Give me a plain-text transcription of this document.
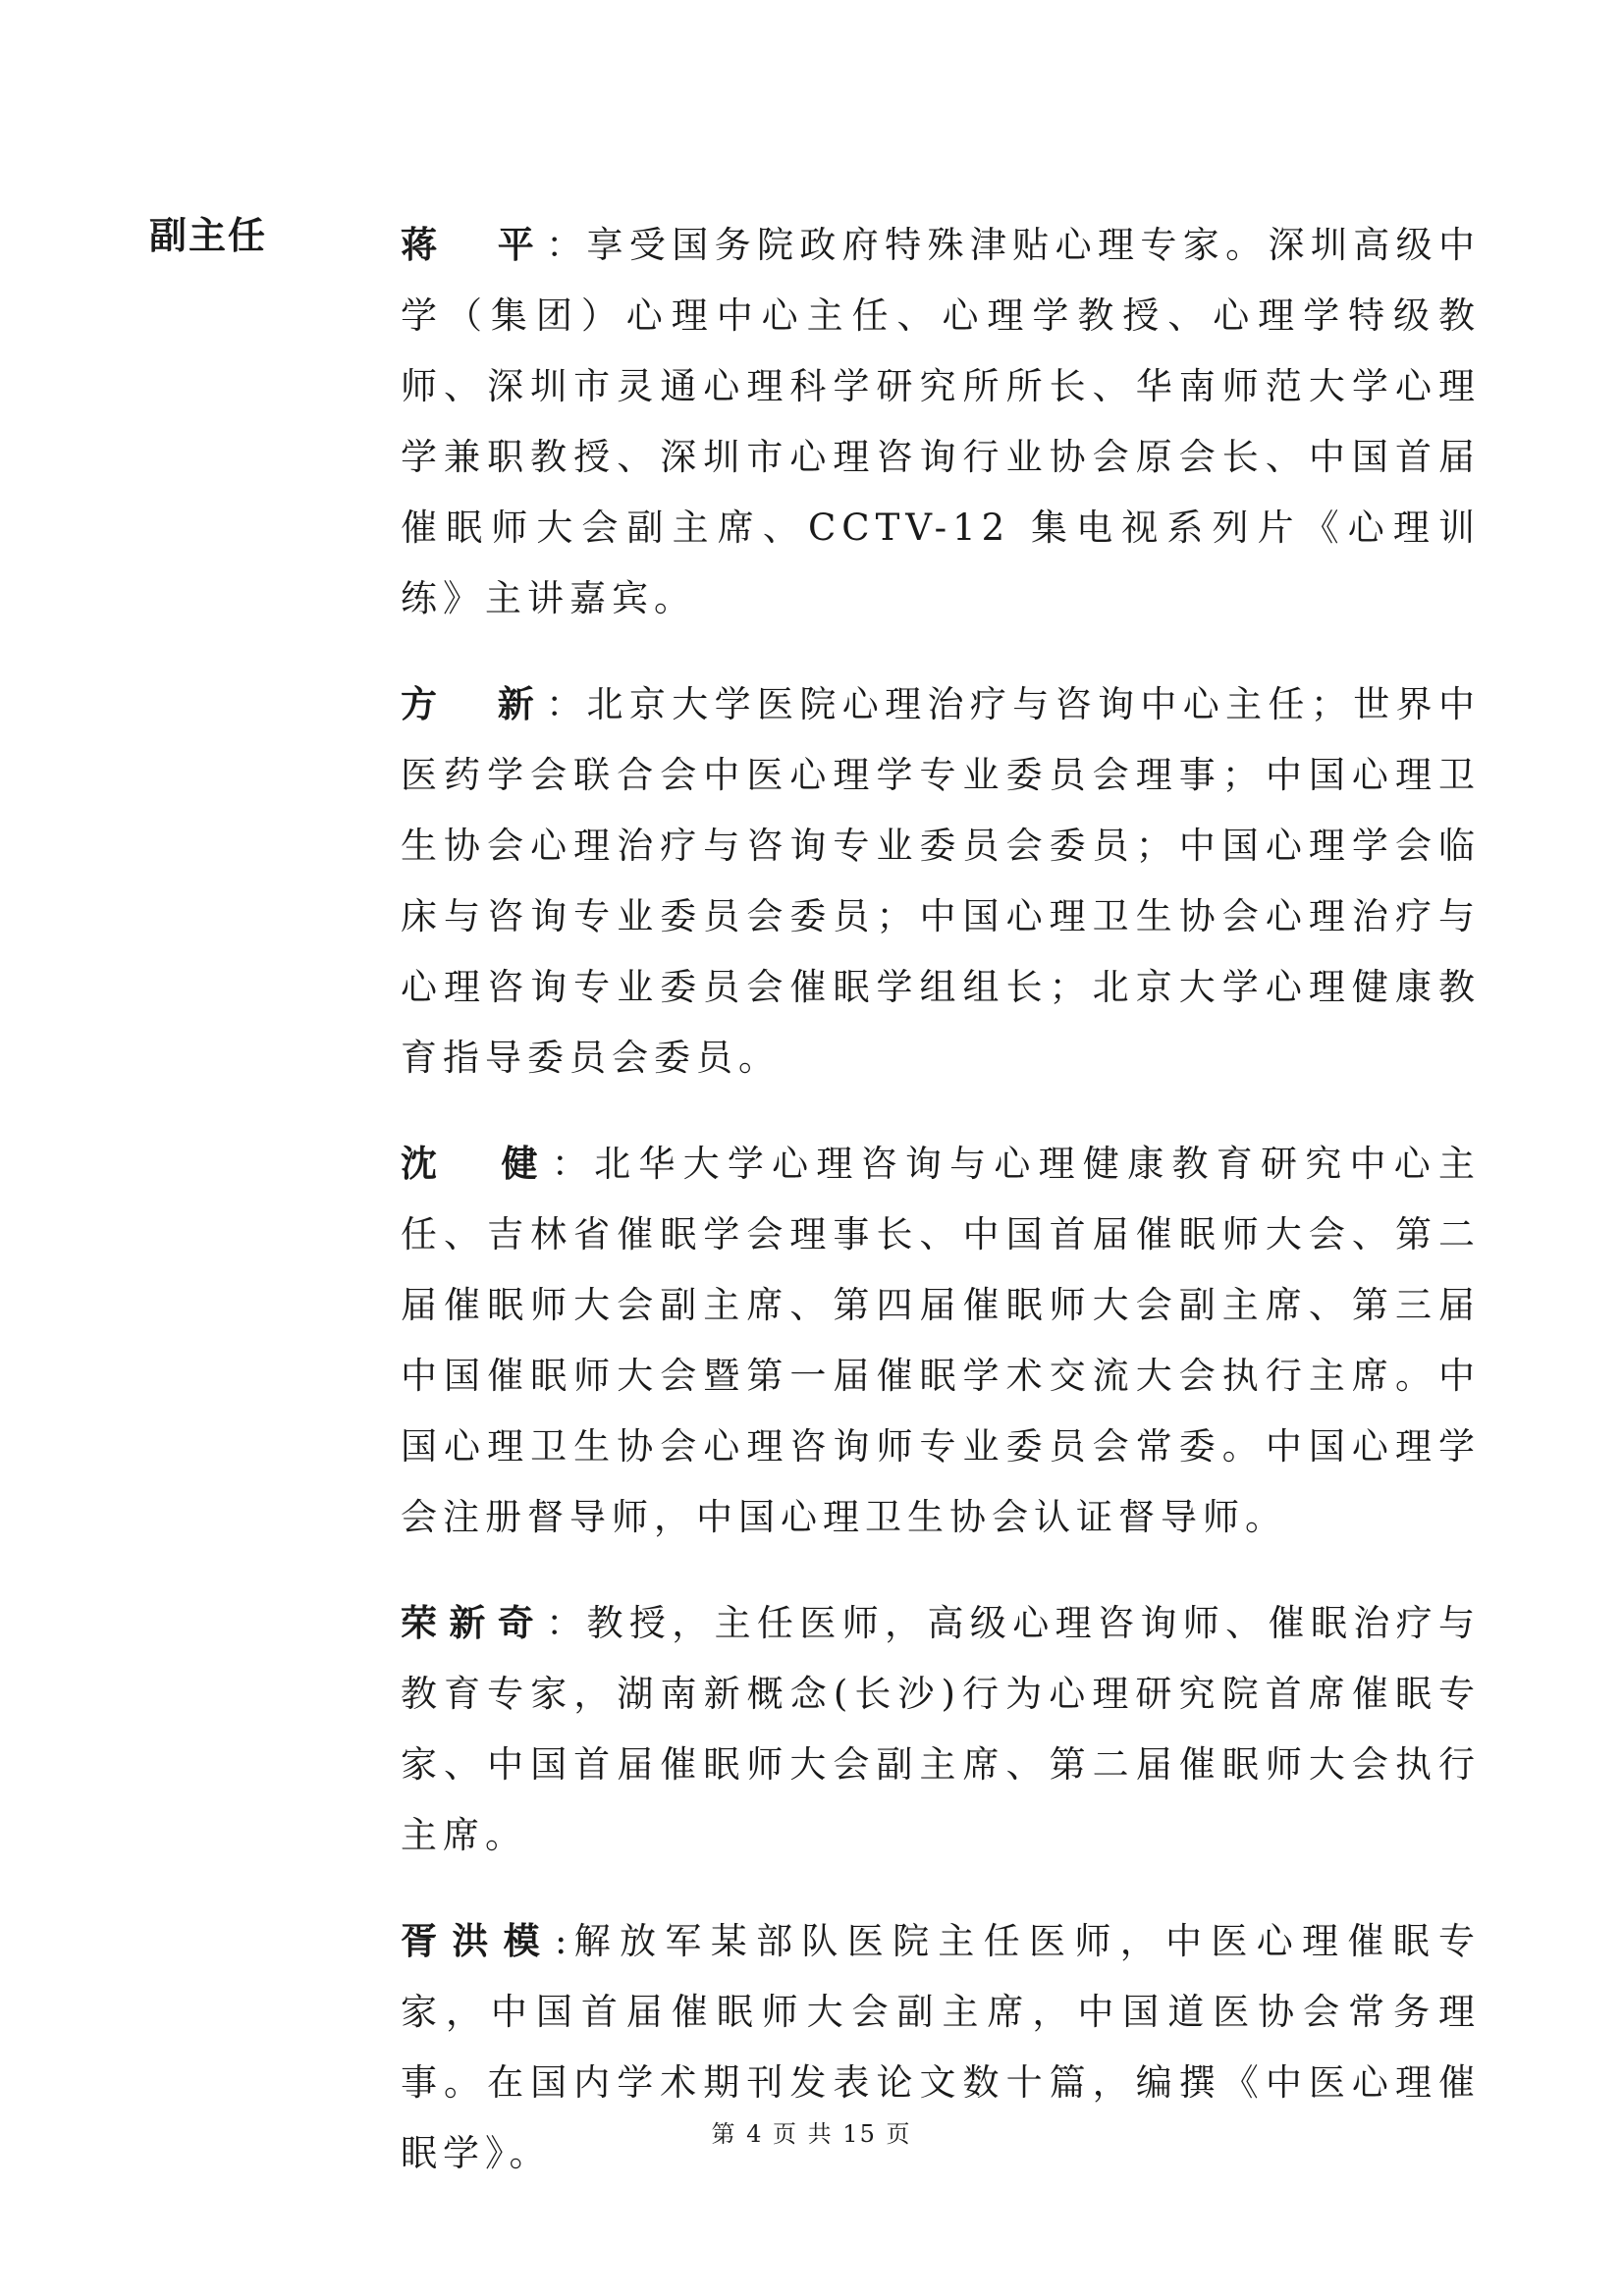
副主任	蒋　平：享受国务院政府特殊津贴心理专家。深圳高级中学（集团）心理中心主任、心理学教授、心理学特级教师、深圳市灵通心理科学研究所所长、华南师范大学心理学兼职教授、深圳市心理咨询行业协会原会长、中国首届催眠师大会副主席、CCTV-12 集电视系列片《心理训练》主讲嘉宾。

方　新：北京大学医院心理治疗与咨询中心主任；世界中医药学会联合会中医心理学专业委员会理事；中国心理卫生协会心理治疗与咨询专业委员会委员；中国心理学会临床与咨询专业委员会委员；中国心理卫生协会心理治疗与心理咨询专业委员会催眠学组组长；北京大学心理健康教育指导委员会委员。

沈　健：北华大学心理咨询与心理健康教育研究中心主任、吉林省催眠学会理事长、中国首届催眠师大会、第二届催眠师大会副主席、第四届催眠师大会副主席、第三届中国催眠师大会暨第一届催眠学术交流大会执行主席。中国心理卫生协会心理咨询师专业委员会常委。中国心理学会注册督导师，中国心理卫生协会认证督导师。

荣新奇：教授，主任医师，高级心理咨询师、催眠治疗与教育专家，湖南新概念(长沙)行为心理研究院首席催眠专家、中国首届催眠师大会副主席、第二届催眠师大会执行主席。

胥洪模:解放军某部队医院主任医师，中医心理催眠专家，中国首届催眠师大会副主席，中国道医协会常务理事。在国内学术期刊发表论文数十篇，编撰《中医心理催眠学》。	第 4 页 共 15 页
